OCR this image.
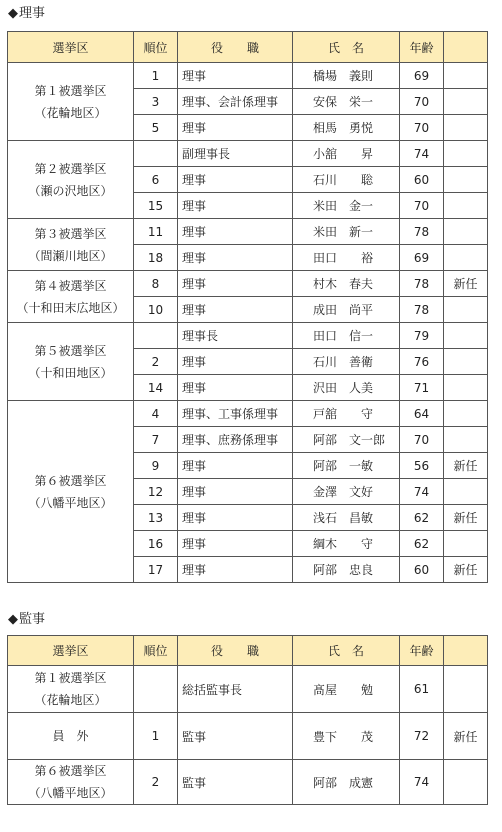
◆理事
選挙区	順位	役　　職	氏　名	年齢	

第１被選挙区
（花輪地区）	1	理事	橋場　義則	69	
	3	理事、会計係理事	安保　栄一	70	
	5	理事	相馬　勇悦	70	

第２被選挙区
（瀬の沢地区）		副理事長	小舘　　昇	74	
	6	理事	石川　　聡	60	
	15	理事	米田　金一	70	

第３被選挙区
（間瀬川地区）	11	理事	米田　新一	78	
	18	理事	田口　　裕	69	

第４被選挙区
（十和田末広地区）	8	理事	村木　春夫	78	新任
	10	理事	成田　尚平	78	

第５被選挙区
（十和田地区）		理事長	田口　信一	79	
	2	理事	石川　善衛	76	
	14	理事	沢田　人美	71	

第６被選挙区
（八幡平地区）	4	理事、工事係理事	戸舘　　守	64	
	7	理事、庶務係理事	阿部　文一郎	70	
	9	理事	阿部　一敏	56	新任
	12	理事	金澤　文好	74	
	13	理事	浅石　昌敏	62	新任
	16	理事	綱木　　守	62	
	17	理事	阿部　忠良	60	新任
◆監事
選挙区	順位	役　　職	氏　名	年齢	

第１被選挙区
（花輪地区）		総括監事長	髙屋　　勉	61	

員　外	1	監事	豊下　　茂	72	新任

第６被選挙区
（八幡平地区）	2	監事	阿部　成憲	74	
